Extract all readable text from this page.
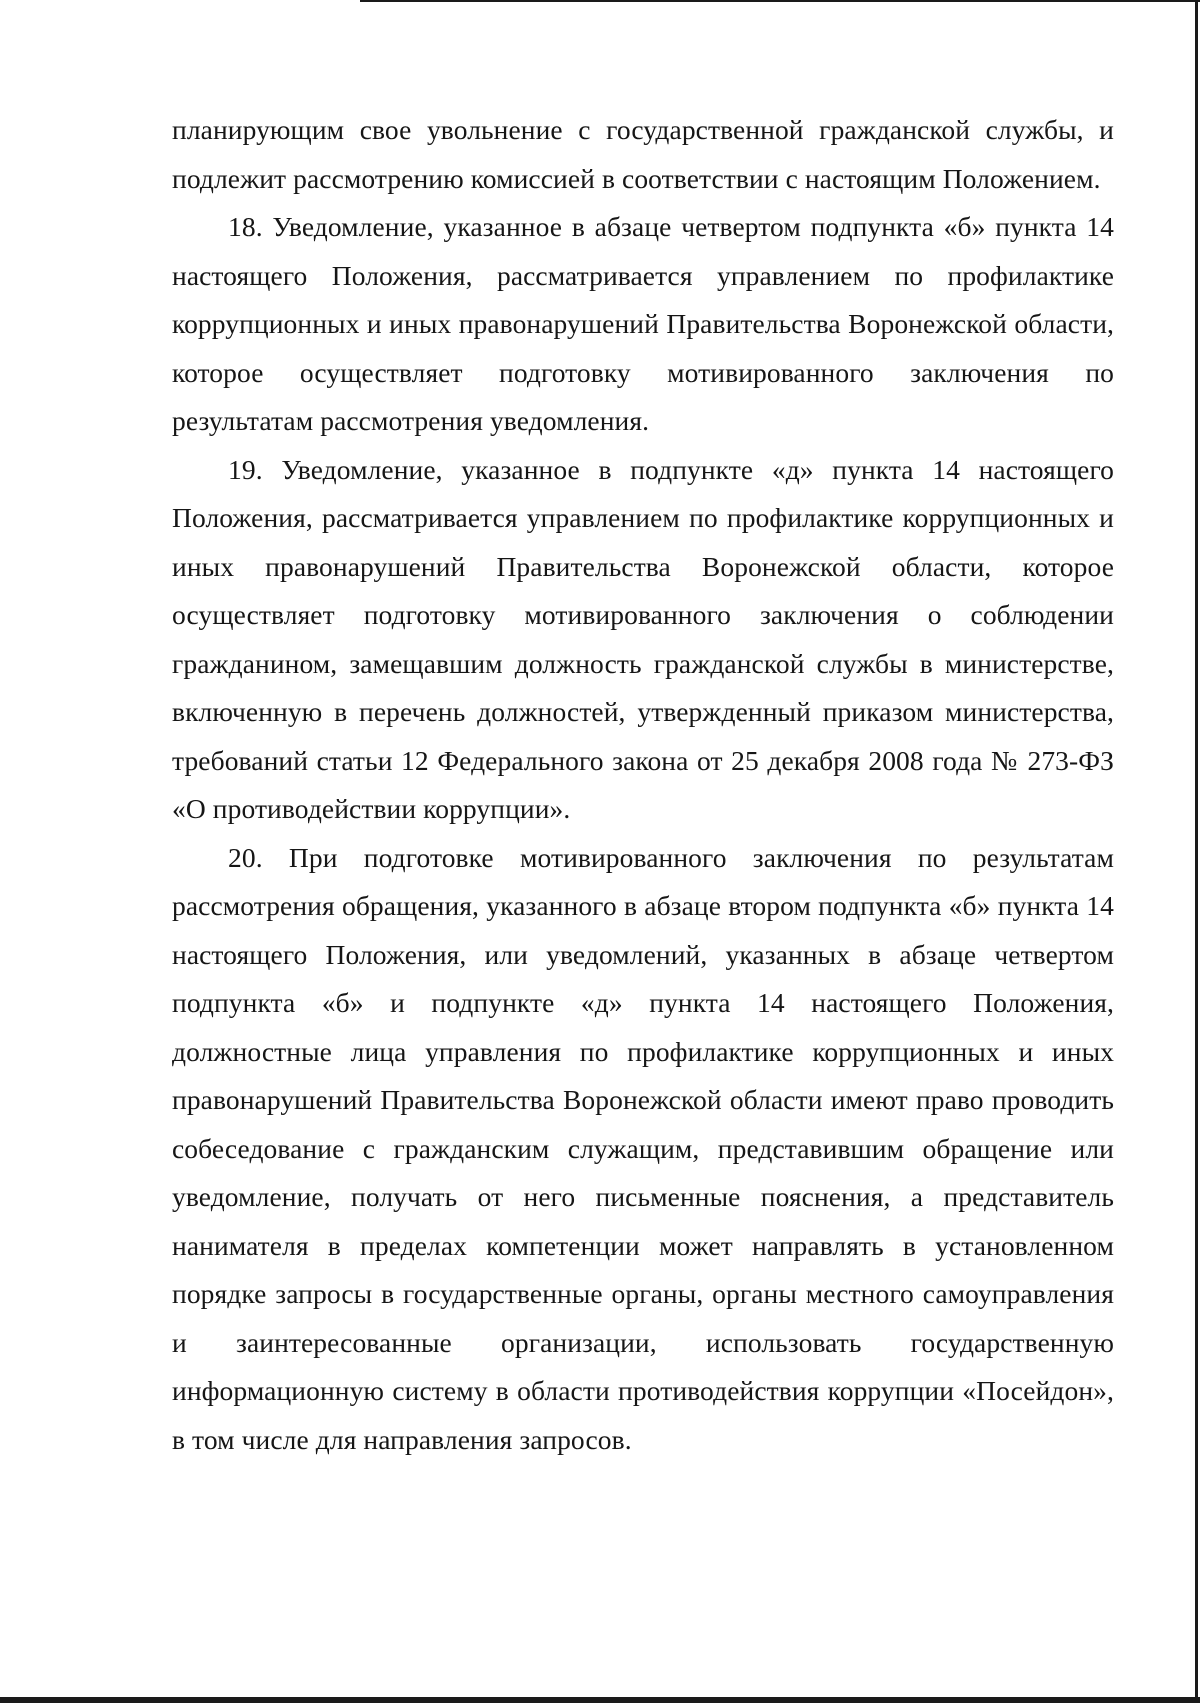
планирующим свое увольнение с государственной гражданской службы, и подлежит рассмотрению комиссией в соответствии с настоящим Положением.

18. Уведомление, указанное в абзаце четвертом подпункта «б» пункта 14 настоящего Положения, рассматривается управлением по профилактике коррупционных и иных правонарушений Правительства Воронежской области, которое осуществляет подготовку мотивированного заключения по результатам рассмотрения уведомления.

19. Уведомление, указанное в подпункте «д» пункта 14 настоящего Положения, рассматривается управлением по профилактике коррупционных и иных правонарушений Правительства Воронежской области, которое осуществляет подготовку мотивированного заключения о соблюдении гражданином, замещавшим должность гражданской службы в министерстве, включенную в перечень должностей, утвержденный приказом министерства, требований статьи 12 Федерального закона от 25 декабря 2008 года № 273-ФЗ «О противодействии коррупции».

20. При подготовке мотивированного заключения по результатам рассмотрения обращения, указанного в абзаце втором подпункта «б» пункта 14 настоящего Положения, или уведомлений, указанных в абзаце четвертом подпункта «б» и подпункте «д» пункта 14 настоящего Положения, должностные лица управления по профилактике коррупционных и иных правонарушений Правительства Воронежской области имеют право проводить собеседование с гражданским служащим, представившим обращение или уведомление, получать от него письменные пояснения, а представитель нанимателя в пределах компетенции может направлять в установленном порядке запросы в государственные органы, органы местного самоуправления и заинтересованные организации, использовать государственную информационную систему в области противодействия коррупции «Посейдон», в том числе для направления запросов.
